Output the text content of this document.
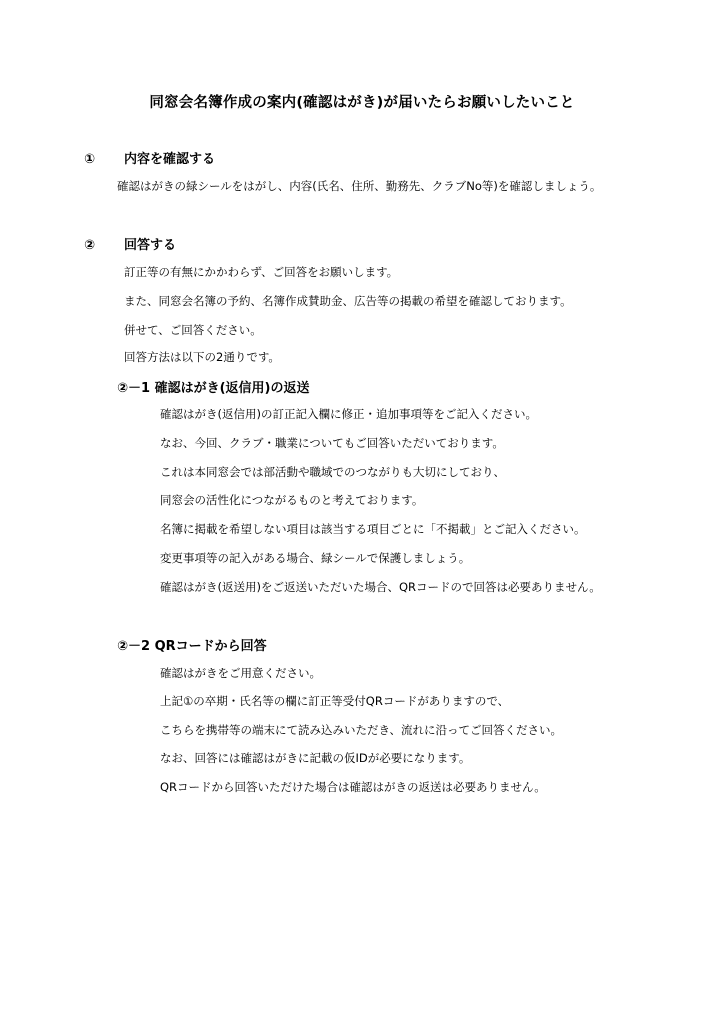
同窓会名簿作成の案内(確認はがき)が届いたらお願いしたいこと
① 内容を確認する
確認はがきの緑シールをはがし、内容(氏名、住所、勤務先、クラブNo等)を確認しましょう。
② 回答する
訂正等の有無にかかわらず、ご回答をお願いします。
また、同窓会名簿の予約、名簿作成賛助金、広告等の掲載の希望を確認しております。
併せて、ご回答ください。
回答方法は以下の2通りです。
②－1 確認はがき(返信用)の返送
確認はがき(返信用)の訂正記入欄に修正・追加事項等をご記入ください。
なお、今回、クラブ・職業についてもご回答いただいております。
これは本同窓会では部活動や職域でのつながりも大切にしており、
同窓会の活性化につながるものと考えております。
名簿に掲載を希望しない項目は該当する項目ごとに「不掲載」とご記入ください。
変更事項等の記入がある場合、緑シールで保護しましょう。
確認はがき(返送用)をご返送いただいた場合、QRコードので回答は必要ありません。
②－2 QRコードから回答
確認はがきをご用意ください。
上記①の卒期・氏名等の欄に訂正等受付QRコードがありますので、
こちらを携帯等の端末にて読み込みいただき、流れに沿ってご回答ください。
なお、回答には確認はがきに記載の仮IDが必要になります。
QRコードから回答いただけた場合は確認はがきの返送は必要ありません。
